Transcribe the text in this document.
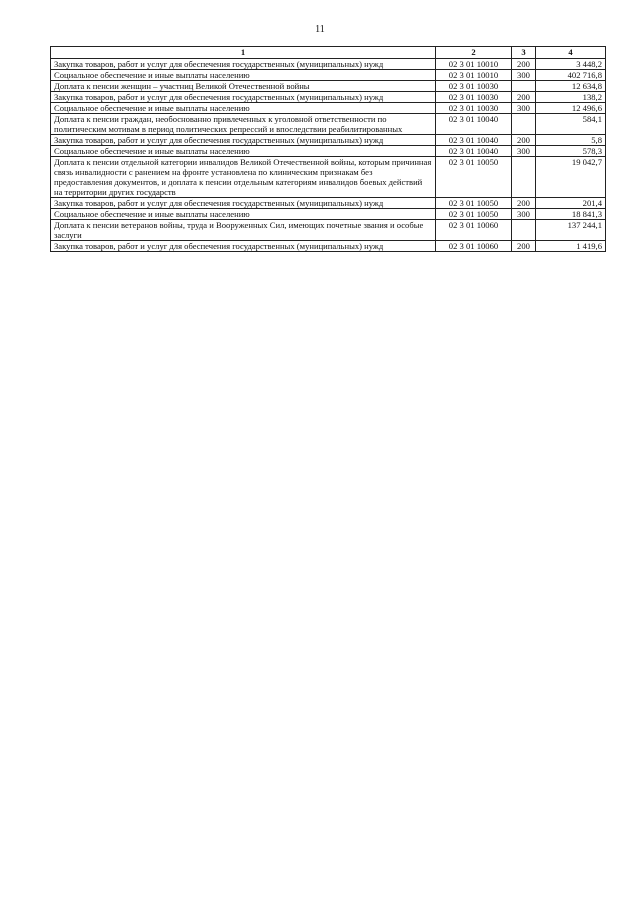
11
1	2	3	4
Закупка товаров, работ и услуг для обеспечения государственных (муниципальных) нужд	02 3 01 10010	200	3 448,2
Социальное обеспечение и иные выплаты населению	02 3 01 10010	300	402 716,8
Доплата к пенсии женщин – участниц Великой Отечественной войны	02 3 01 10030		12 634,8
Закупка товаров, работ и услуг для обеспечения государственных (муниципальных) нужд	02 3 01 10030	200	138,2
Социальное обеспечение и иные выплаты населению	02 3 01 10030	300	12 496,6
Доплата к пенсии граждан, необоснованно привлеченных к уголовной ответственности по политическим мотивам в период политических репрессий и впоследствии реабилитированных	02 3 01 10040		584,1
Закупка товаров, работ и услуг для обеспечения государственных (муниципальных) нужд	02 3 01 10040	200	5,8
Социальное обеспечение и иные выплаты населению	02 3 01 10040	300	578,3
Доплата к пенсии отдельной категории инвалидов Великой Отечественной войны, которым причинная связь инвалидности с ранением на фронте установлена по клиническим признакам без предоставления документов, и доплата к пенсии отдельным категориям инвалидов боевых действий на территории других государств	02 3 01 10050		19 042,7
Закупка товаров, работ и услуг для обеспечения государственных (муниципальных) нужд	02 3 01 10050	200	201,4
Социальное обеспечение и иные выплаты населению	02 3 01 10050	300	18 841,3
Доплата к пенсии ветеранов войны, труда и Вооруженных Сил, имеющих почетные звания и особые заслуги	02 3 01 10060		137 244,1
Закупка товаров, работ и услуг для обеспечения государственных (муниципальных) нужд	02 3 01 10060	200	1 419,6
